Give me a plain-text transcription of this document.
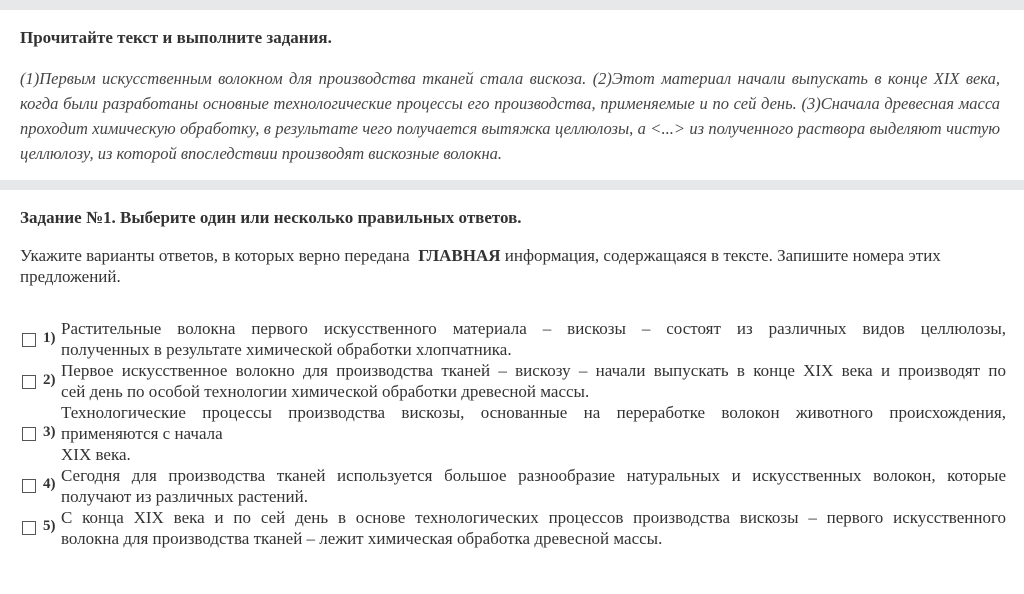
Прочитайте текст и выполните задания.
(1)Первым искусственным волокном для производства тканей стала вискоза. (2)Этот материал начали выпускать в конце XIX века, когда были разработаны основные технологические процессы его производства, применяемые и по сей день. (3)Сначала древесная масса проходит химическую обработку, в результате чего получается вытяжка целлюлозы, а <...> из полученного раствора выделяют чистую целлюлозу, из которой впоследствии производят вискозные волокна.
Задание №1. Выберите один или несколько правильных ответов.
Укажите варианты ответов, в которых верно передана ГЛАВНАЯ информация, содержащаяся в тексте. Запишите номера этих предложений.
1) Растительные волокна первого искусственного материала – вискозы – состоят из различных видов целлюлозы,
полученных в результате химической обработки хлопчатника.
2) Первое искусственное волокно для производства тканей – вискозу – начали выпускать в конце XIX века и производят по
сей день по особой технологии химической обработки древесной массы.
3)
Технологические процессы производства вискозы, основанные на переработке волокон животного происхождения,
применяются с начала
XIX века.
4) Сегодня для производства тканей используется большое разнообразие натуральных и искусственных волокон, которые
получают из различных растений.
5) С конца XIX века и по сей день в основе технологических процессов производства вискозы – первого искусственного
волокна для производства тканей – лежит химическая обработка древесной массы.
